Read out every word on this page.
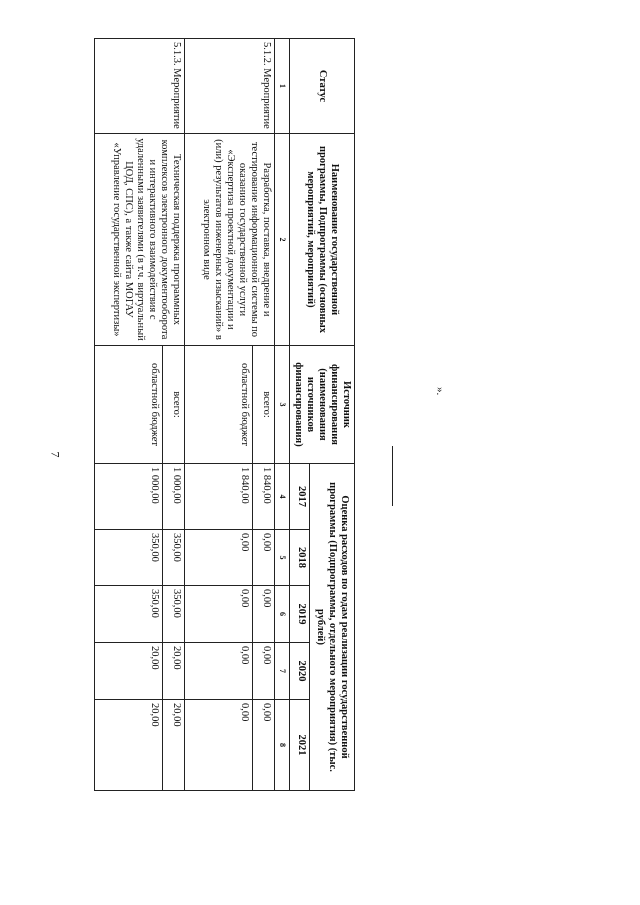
7
Статус	Наименование государственной программы, Подпрограммы (основных мероприятий, мероприятий)	Источник финансирования (наименования источников финансирования)	Оценка расходов по годам реализации государственной программы (Подпрограммы, отдельного мероприятия) (тыс. рублей)				
			2017	2018	2019	2020	2021
1	2	3	4	5	6	7	8
5.1.2. Мероприятие	Разработка, поставка, внедрение и тестирование информационной системы по оказанию государственной услуги «Экспертиза проектной документации и (или) результатов инженерных изысканий» в электронном виде	всего:	1 840,00	0,00	0,00	0,00	0,00
		областной бюджет	1 840,00	0,00	0,00	0,00	0,00
5.1.3. Мероприятие	Техническая поддержка программных комплексов электронного документооборота и интерактивного взаимодействия с удаленными заявителями (в т.ч. виртуальный ЦОД, СПС), а также сайта МОГАУ «Управление государственной экспертизы»	всего:	1 000,00	350,00	350,00	20,00	20,00
		областной бюджет	1 000,00	350,00	350,00	20,00	20,00
».
